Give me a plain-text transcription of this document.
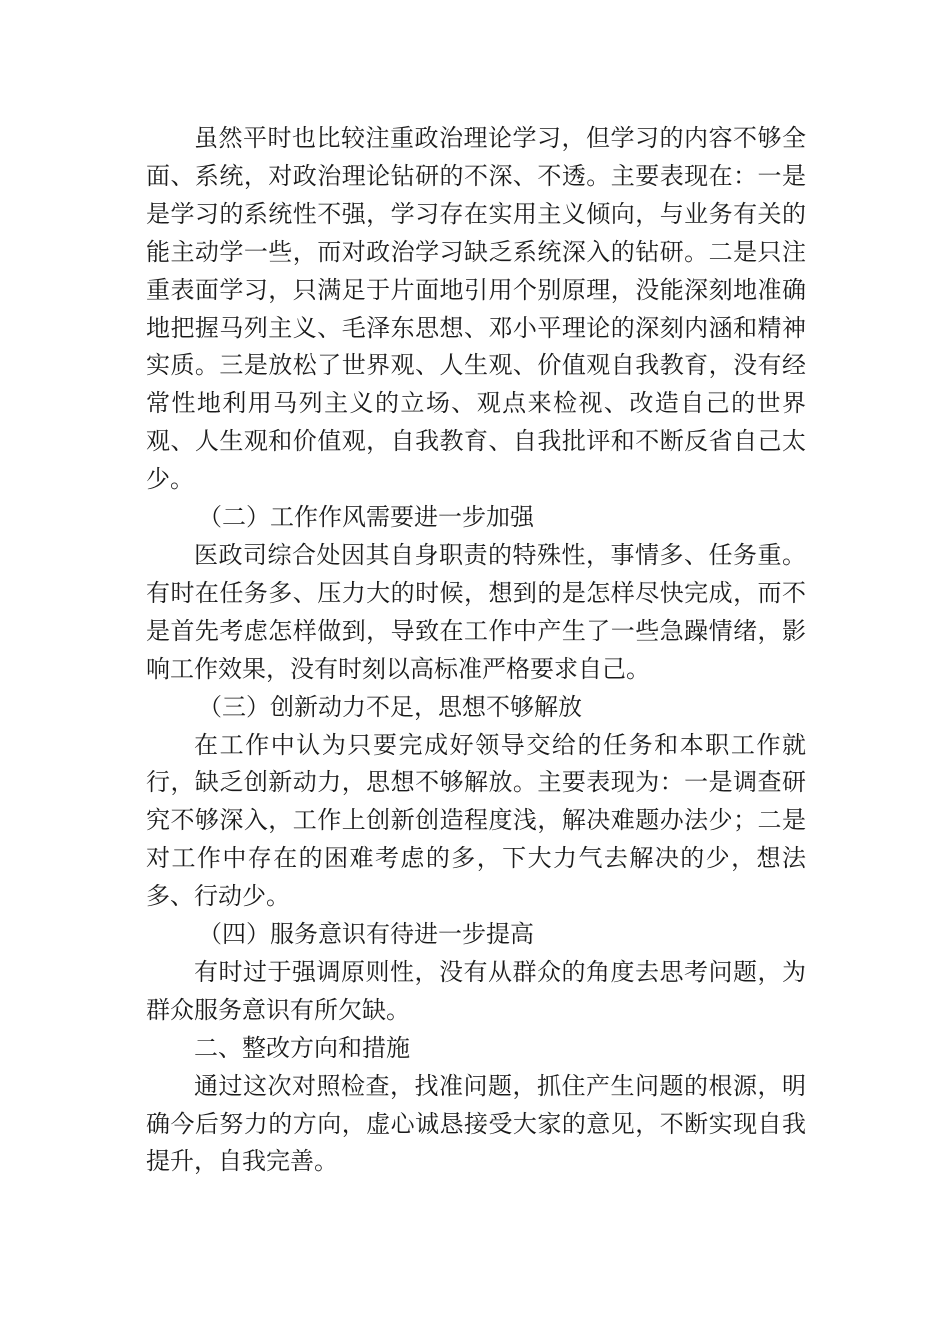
虽然平时也比较注重政治理论学习，但学习的内容不够全面、系统，对政治理论钻研的不深、不透。主要表现在：一是是学习的系统性不强，学习存在实用主义倾向，与业务有关的能主动学一些，而对政治学习缺乏系统深入的钻研。二是只注重表面学习，只满足于片面地引用个别原理，没能深刻地准确地把握马列主义、毛泽东思想、邓小平理论的深刻内涵和精神实质。三是放松了世界观、人生观、价值观自我教育，没有经常性地利用马列主义的立场、观点来检视、改造自己的世界观、人生观和价值观，自我教育、自我批评和不断反省自己太少。

（二）工作作风需要进一步加强

医政司综合处因其自身职责的特殊性，事情多、任务重。有时在任务多、压力大的时候，想到的是怎样尽快完成，而不是首先考虑怎样做到，导致在工作中产生了一些急躁情绪，影响工作效果，没有时刻以高标准严格要求自己。

（三）创新动力不足，思想不够解放

在工作中认为只要完成好领导交给的任务和本职工作就行，缺乏创新动力，思想不够解放。主要表现为：一是调查研究不够深入，工作上创新创造程度浅，解决难题办法少；二是对工作中存在的困难考虑的多，下大力气去解决的少，想法多、行动少。

（四）服务意识有待进一步提高

有时过于强调原则性，没有从群众的角度去思考问题，为群众服务意识有所欠缺。

二、整改方向和措施

通过这次对照检查，找准问题，抓住产生问题的根源，明确今后努力的方向，虚心诚恳接受大家的意见，不断实现自我提升，自我完善。
